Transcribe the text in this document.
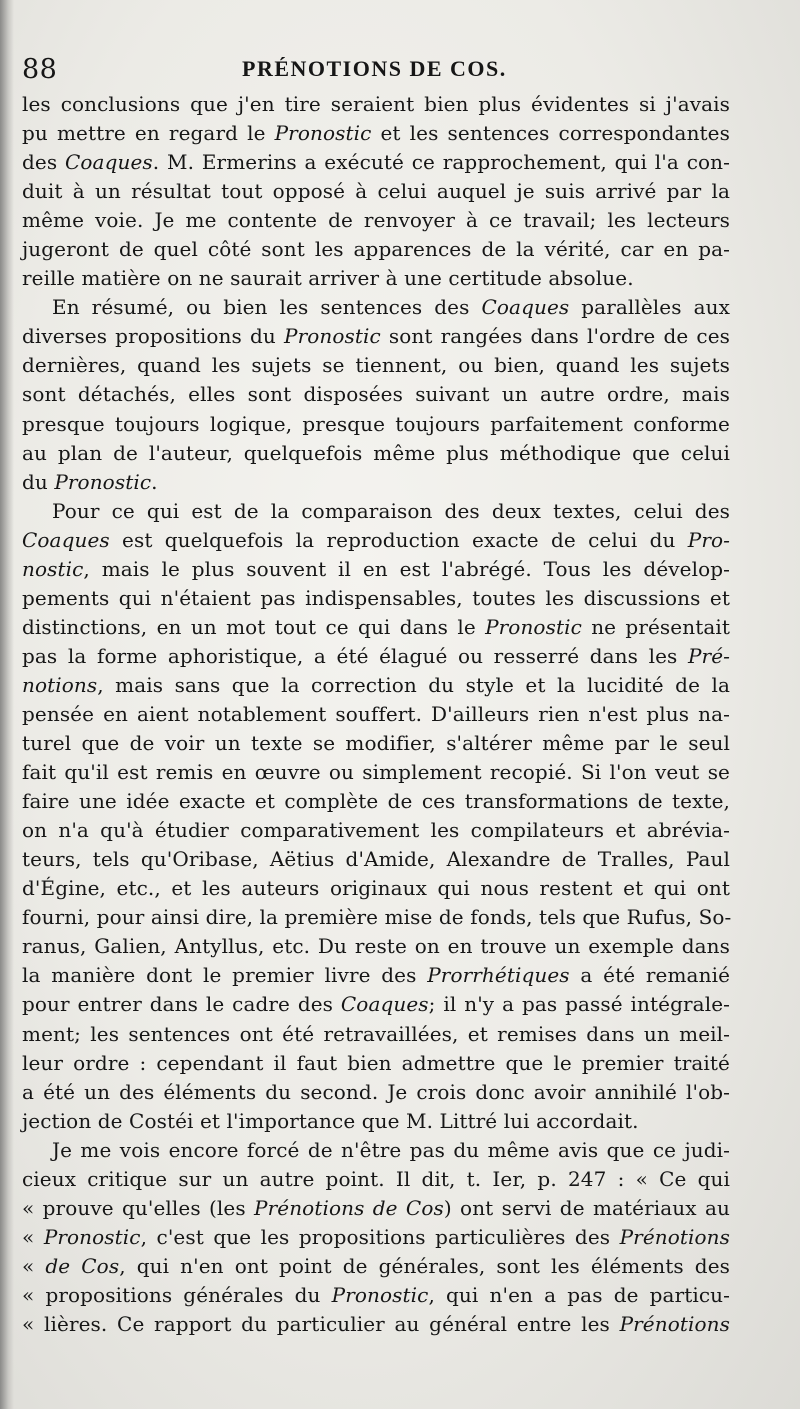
88	PRÉNOTIONS DE COS.
les conclusions que j'en tire seraient bien plus évidentes si j'avais
pu mettre en regard le Pronostic et les sentences correspondantes
des Coaques. M. Ermerins a exécuté ce rapprochement, qui l'a con-
duit à un résultat tout opposé à celui auquel je suis arrivé par la
même voie. Je me contente de renvoyer à ce travail; les lecteurs
jugeront de quel côté sont les apparences de la vérité, car en pa-
reille matière on ne saurait arriver à une certitude absolue.
En résumé, ou bien les sentences des Coaques parallèles aux
diverses propositions du Pronostic sont rangées dans l'ordre de ces
dernières, quand les sujets se tiennent, ou bien, quand les sujets
sont détachés, elles sont disposées suivant un autre ordre, mais
presque toujours logique, presque toujours parfaitement conforme
au plan de l'auteur, quelquefois même plus méthodique que celui
du Pronostic.
Pour ce qui est de la comparaison des deux textes, celui des
Coaques est quelquefois la reproduction exacte de celui du Pro-
nostic, mais le plus souvent il en est l'abrégé. Tous les dévelop-
pements qui n'étaient pas indispensables, toutes les discussions et
distinctions, en un mot tout ce qui dans le Pronostic ne présentait
pas la forme aphoristique, a été élagué ou resserré dans les Pré-
notions, mais sans que la correction du style et la lucidité de la
pensée en aient notablement souffert. D'ailleurs rien n'est plus na-
turel que de voir un texte se modifier, s'altérer même par le seul
fait qu'il est remis en œuvre ou simplement recopié. Si l'on veut se
faire une idée exacte et complète de ces transformations de texte,
on n'a qu'à étudier comparativement les compilateurs et abrévia-
teurs, tels qu'Oribase, Aëtius d'Amide, Alexandre de Tralles, Paul
d'Égine, etc., et les auteurs originaux qui nous restent et qui ont
fourni, pour ainsi dire, la première mise de fonds, tels que Rufus, So-
ranus, Galien, Antyllus, etc. Du reste on en trouve un exemple dans
la manière dont le premier livre des Prorrhétiques a été remanié
pour entrer dans le cadre des Coaques; il n'y a pas passé intégrale-
ment; les sentences ont été retravaillées, et remises dans un meil-
leur ordre : cependant il faut bien admettre que le premier traité
a été un des éléments du second. Je crois donc avoir annihilé l'ob-
jection de Costéi et l'importance que M. Littré lui accordait.
Je me vois encore forcé de n'être pas du même avis que ce judi-
cieux critique sur un autre point. Il dit, t. Ier, p. 247 : « Ce qui
« prouve qu'elles (les Prénotions de Cos) ont servi de matériaux au
« Pronostic, c'est que les propositions particulières des Prénotions
« de Cos, qui n'en ont point de générales, sont les éléments des
« propositions générales du Pronostic, qui n'en a pas de particu-
« lières. Ce rapport du particulier au général entre les Prénotions
